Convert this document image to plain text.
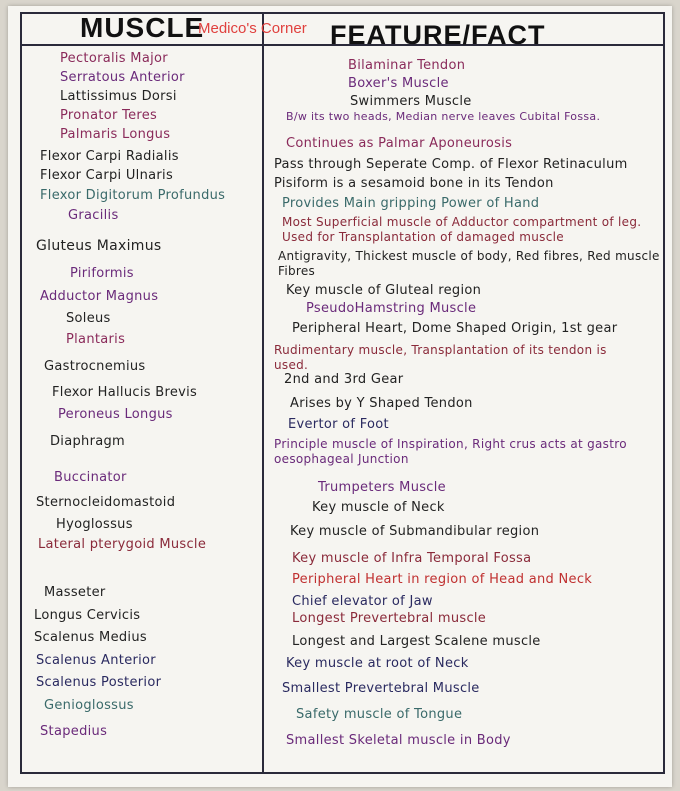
MUSCLE
Medico's Corner FEATURE/FACT
Pectoralis Major
Serratous Anterior
Lattissimus Dorsi
Pronator Teres
Palmaris Longus
Flexor Carpi Radialis
Flexor Carpi Ulnaris
Flexor Digitorum Profundus
Gracilis
Gluteus Maximus
Piriformis
Adductor Magnus
Soleus
Plantaris
Gastrocnemius
Flexor Hallucis Brevis
Peroneus Longus
Diaphragm
Buccinator
Sternocleidomastoid
Hyoglossus
Lateral pterygoid Muscle
Masseter
Longus Cervicis
Scalenus Medius
Scalenus Anterior
Scalenus Posterior
Genioglossus
Stapedius
Bilaminar Tendon
Boxer's Muscle
Swimmers Muscle
B/w its two heads, Median nerve leaves Cubital Fossa.
Continues as Palmar Aponeurosis
Pass through Seperate Comp. of Flexor Retinaculum
Pisiform is a sesamoid bone in its Tendon
Provides Main gripping Power of Hand
Most Superficial muscle of Adductor compartment of leg. Used for Transplantation of damaged muscle
Antigravity, Thickest muscle of body, Red fibres, Red muscle Fibres
Key muscle of Gluteal region
PseudoHamstring Muscle
Peripheral Heart, Dome Shaped Origin, 1st gear
Rudimentary muscle, Transplantation of its tendon is used.
2nd and 3rd Gear
Arises by Y Shaped Tendon
Evertor of Foot
Principle muscle of Inspiration, Right crus acts at gastro oesophageal Junction
Trumpeters Muscle
Key muscle of Neck
Key muscle of Submandibular region
Key muscle of Infra Temporal Fossa
Peripheral Heart in region of Head and Neck
Chief elevator of Jaw
Longest Prevertebral muscle
Longest and Largest Scalene muscle
Key muscle at root of Neck
Smallest Prevertebral Muscle
Safety muscle of Tongue
Smallest Skeletal muscle in Body
